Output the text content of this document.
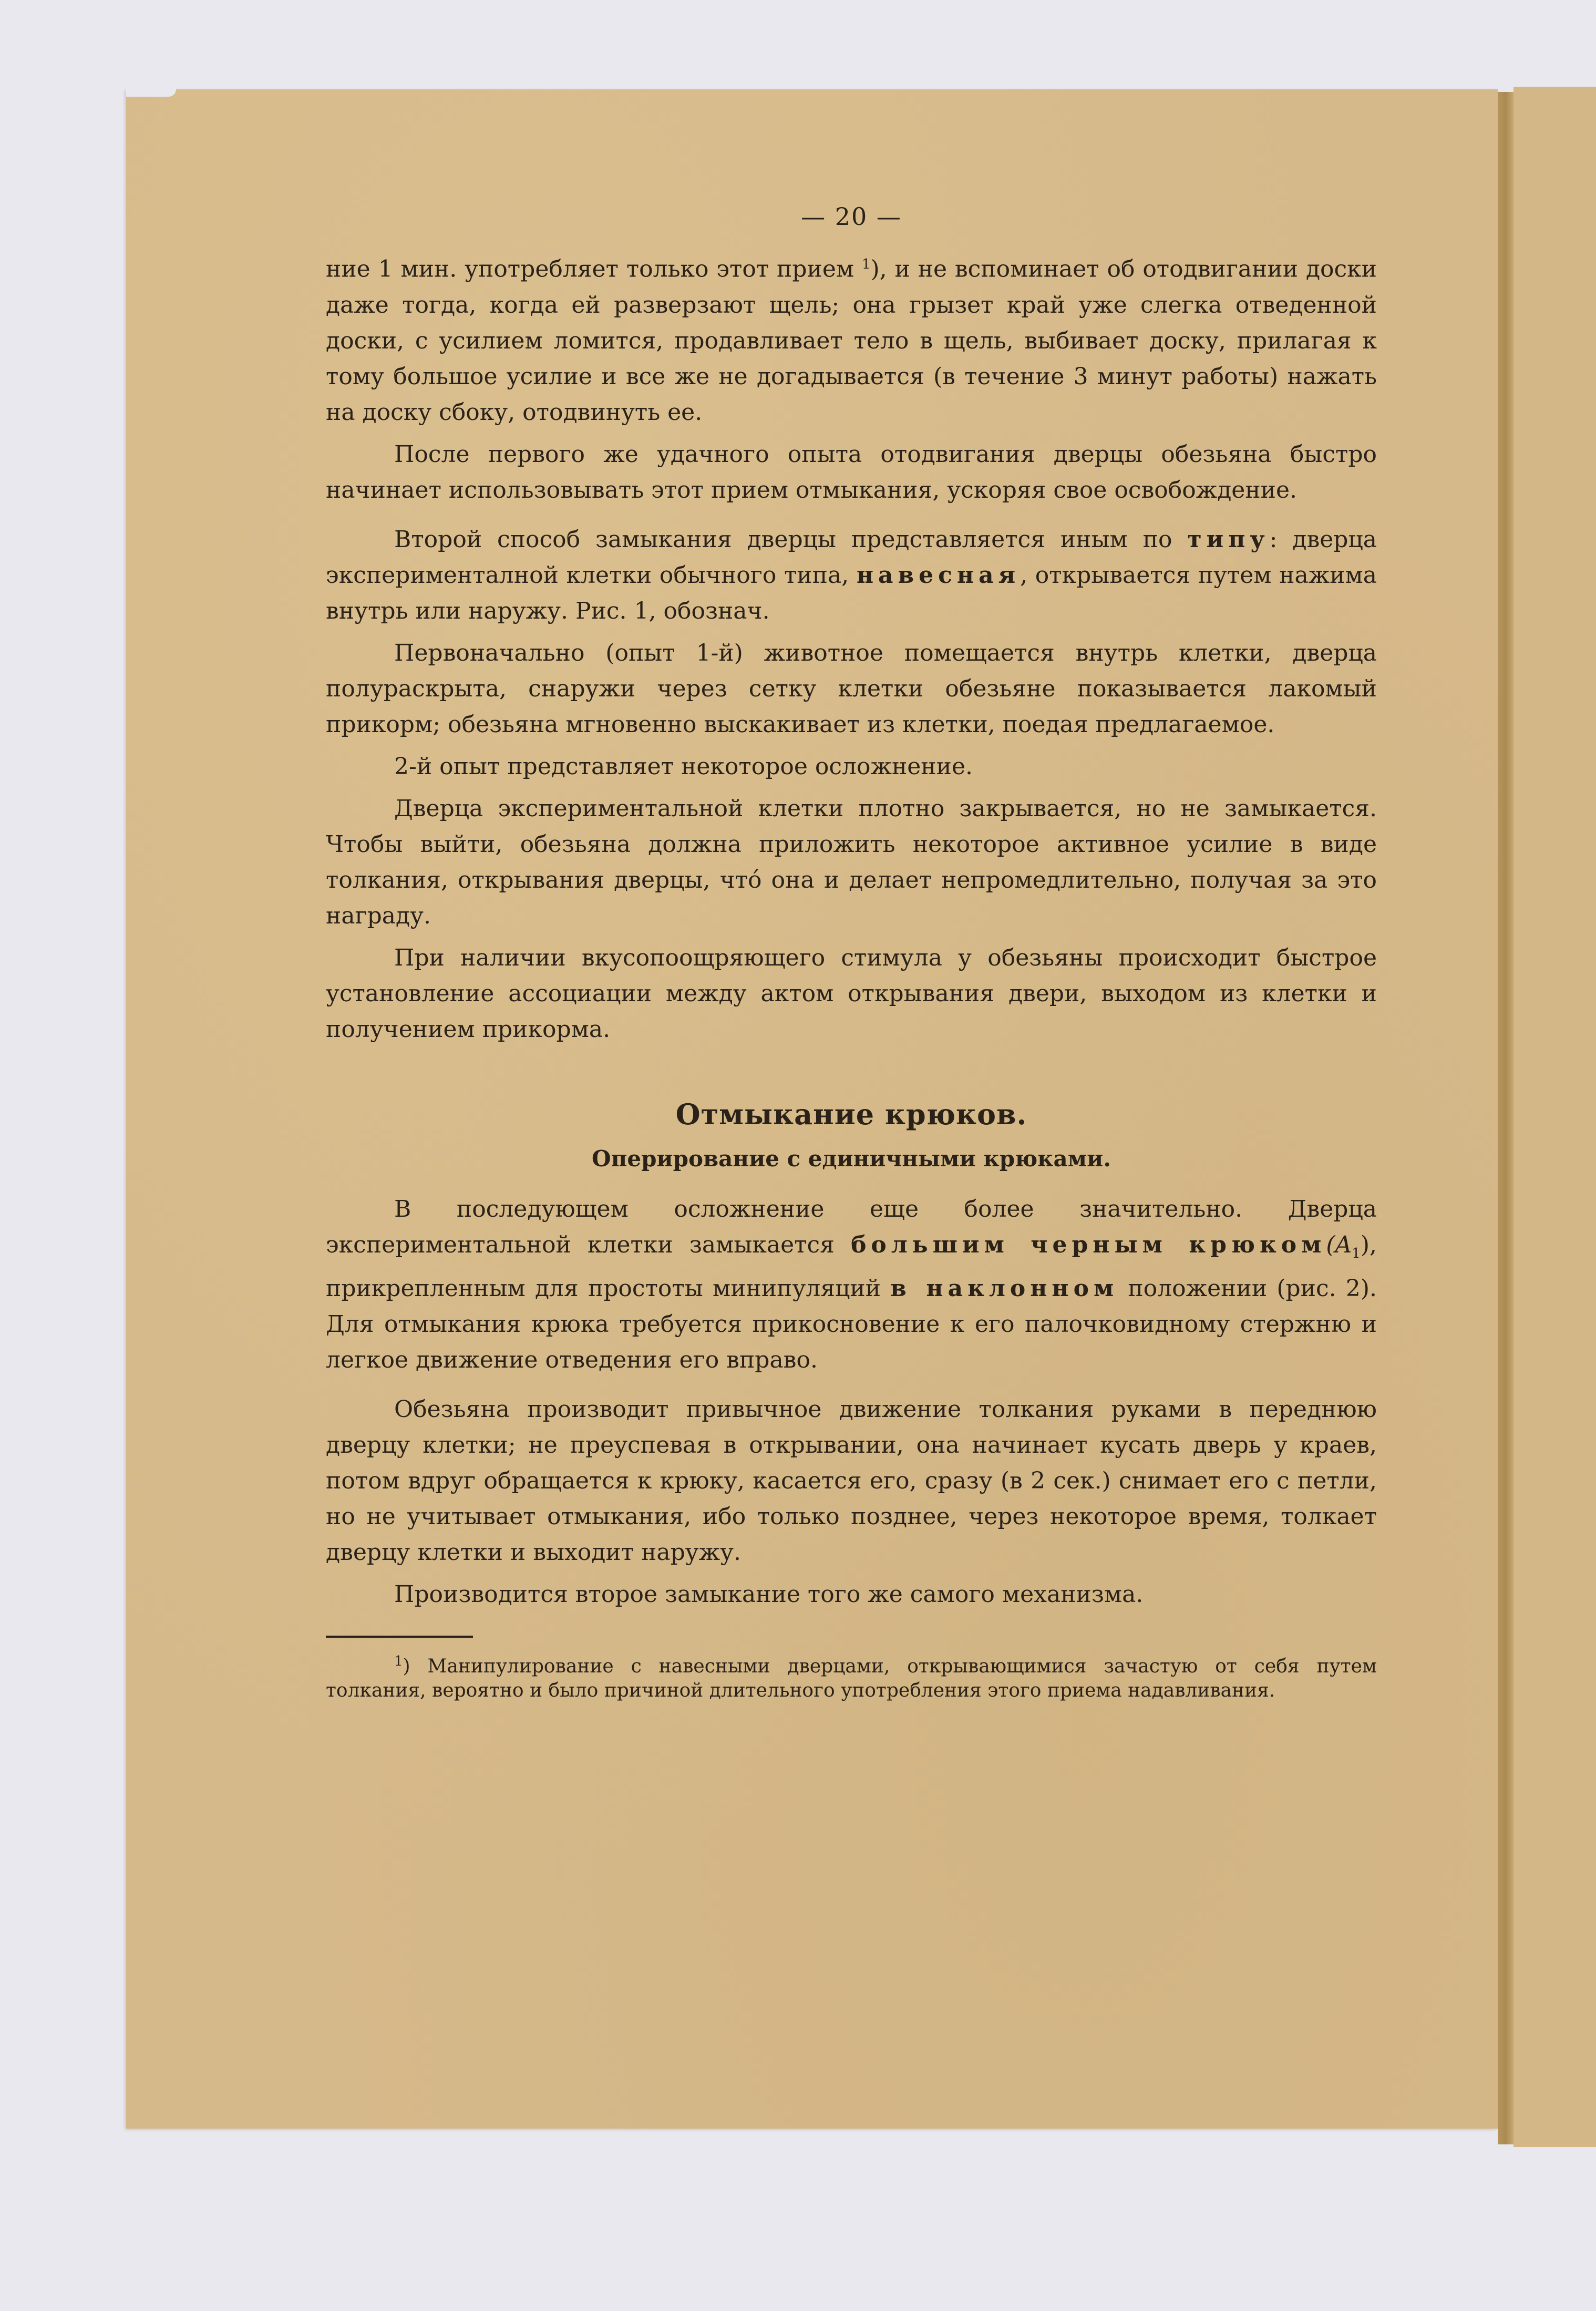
— 20 —

ние 1 мин. употребляет только этот прием $^1$), и не вспоминает об отодвигании доски даже тогда, когда ей разверзают щель; она грызет край уже слегка отведенной доски, с усилием ломится, продавливает тело в щель, выбивает доску, прилагая к тому большое усилие и все же не догадывается (в течение 3 минут работы) нажать на доску сбоку, отодвинуть ее.

После первого же удачного опыта отодвигания дверцы обезьяна быстро начинает использовывать этот прием отмыкания, ускоряя свое освобождение.

Второй способ замыкания дверцы представляется иным по типу: дверца эксперименталной клетки обычного типа, навесная, открывается путем нажима внутрь или наружу. Рис. 1, обознач.

Первоначально (опыт 1-й) животное помещается внутрь клетки, дверца полураскрыта, снаружи через сетку клетки обезьяне показывается лакомый прикорм; обезьяна мгновенно выскакивает из клетки, поедая предлагаемое.

2-й опыт представляет некоторое осложнение.

Дверца экспериментальной клетки плотно закрывается, но не замыкается. Чтобы выйти, обезьяна должна приложить некоторое активное усилие в виде толкания, открывания дверцы, чтó она и делает непромедлительно, получая за это награду.

При наличии вкусопоощряющего стимула у обезьяны происходит быстрое установление ассоциации между актом открывания двери, выходом из клетки и получением прикорма.

Отмыкание крюков.
Оперирование с единичными крюками.

В последующем осложнение еще более значительно. Дверца экспериментальной клетки замыкается большим черным $крюком(A_1)$, прикрепленным для простоты минипуляций в наклонном положении (рис. 2). Для отмыкания крюка требуется прикосновение к его палочковидному стержню и легкое движение отведения его вправо.

Обезьяна производит привычное движение толкания руками в переднюю дверцу клетки; не преуспевая в открывании, она начинает кусать дверь у краев, потом вдруг обращается к крюку, касается его, сразу (в 2 сек.) снимает его с петли, но не учитывает отмыкания, ибо только позднее, через некоторое время, толкает дверцу клетки и выходит наружу.

Производится второе замыкание того же самого механизма.

$^1$) Манипулирование с навесными дверцами, открывающимися зачастую от себя путем толкания, вероятно и было причиной длительного употребления этого приема надавливания.
